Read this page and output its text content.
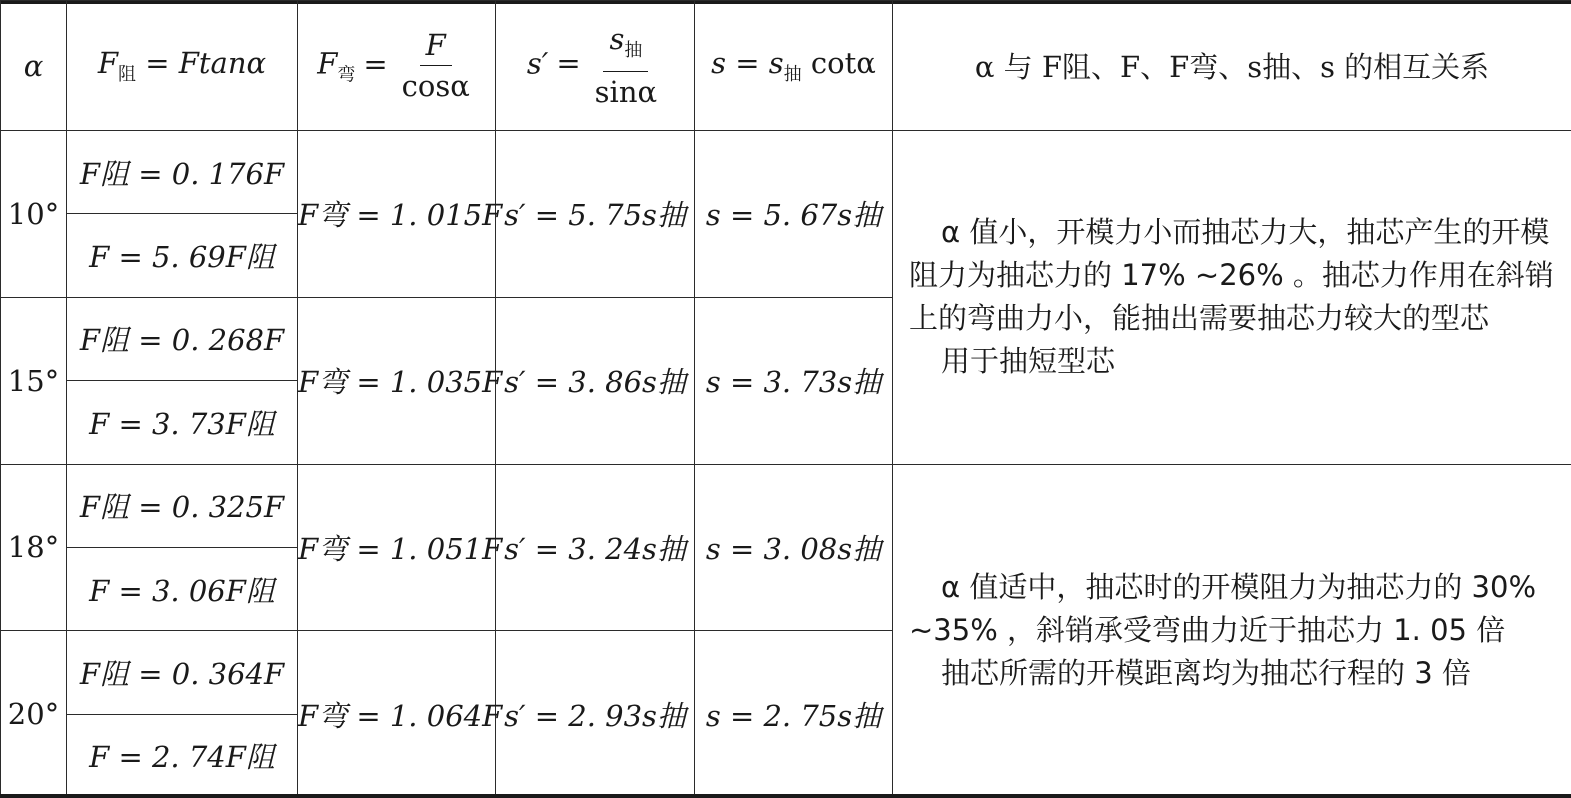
α	$F_阻 = Ftan\alpha$	$F_弯 = \frac{F}{\cos\alpha}$	$s' = \frac{s_抽}{\sin\alpha}$	$s = s_抽$ cotα	α 与 F阻、F、F弯、s抽、s 的相互关系
10°	F阻 = 0. 176F	F弯 = 1. 015F	s′ = 5. 75s抽	s = 5. 67s抽	α 值小，开模力小而抽芯力大，抽芯产生的开模阻力为抽芯力的 17% ~26% 。抽芯力作用在斜销上的弯曲力小，能抽出需要抽芯力较大的型芯

用于抽短型芯

	F = 5. 69F阻				
15°	F阻 = 0. 268F	F弯 = 1. 035F	s′ = 3. 86s抽	s = 3. 73s抽	
	F = 3. 73F阻				
18°	F阻 = 0. 325F	F弯 = 1. 051F	s′ = 3. 24s抽	s = 3. 08s抽	α 值适中，抽芯时的开模阻力为抽芯力的 30% ~35% ，斜销承受弯曲力近于抽芯力 1. 05 倍

抽芯所需的开模距离均为抽芯行程的 3 倍

	F = 3. 06F阻				
20°	F阻 = 0. 364F	F弯 = 1. 064F	s′ = 2. 93s抽	s = 2. 75s抽	
	F = 2. 74F阻				
